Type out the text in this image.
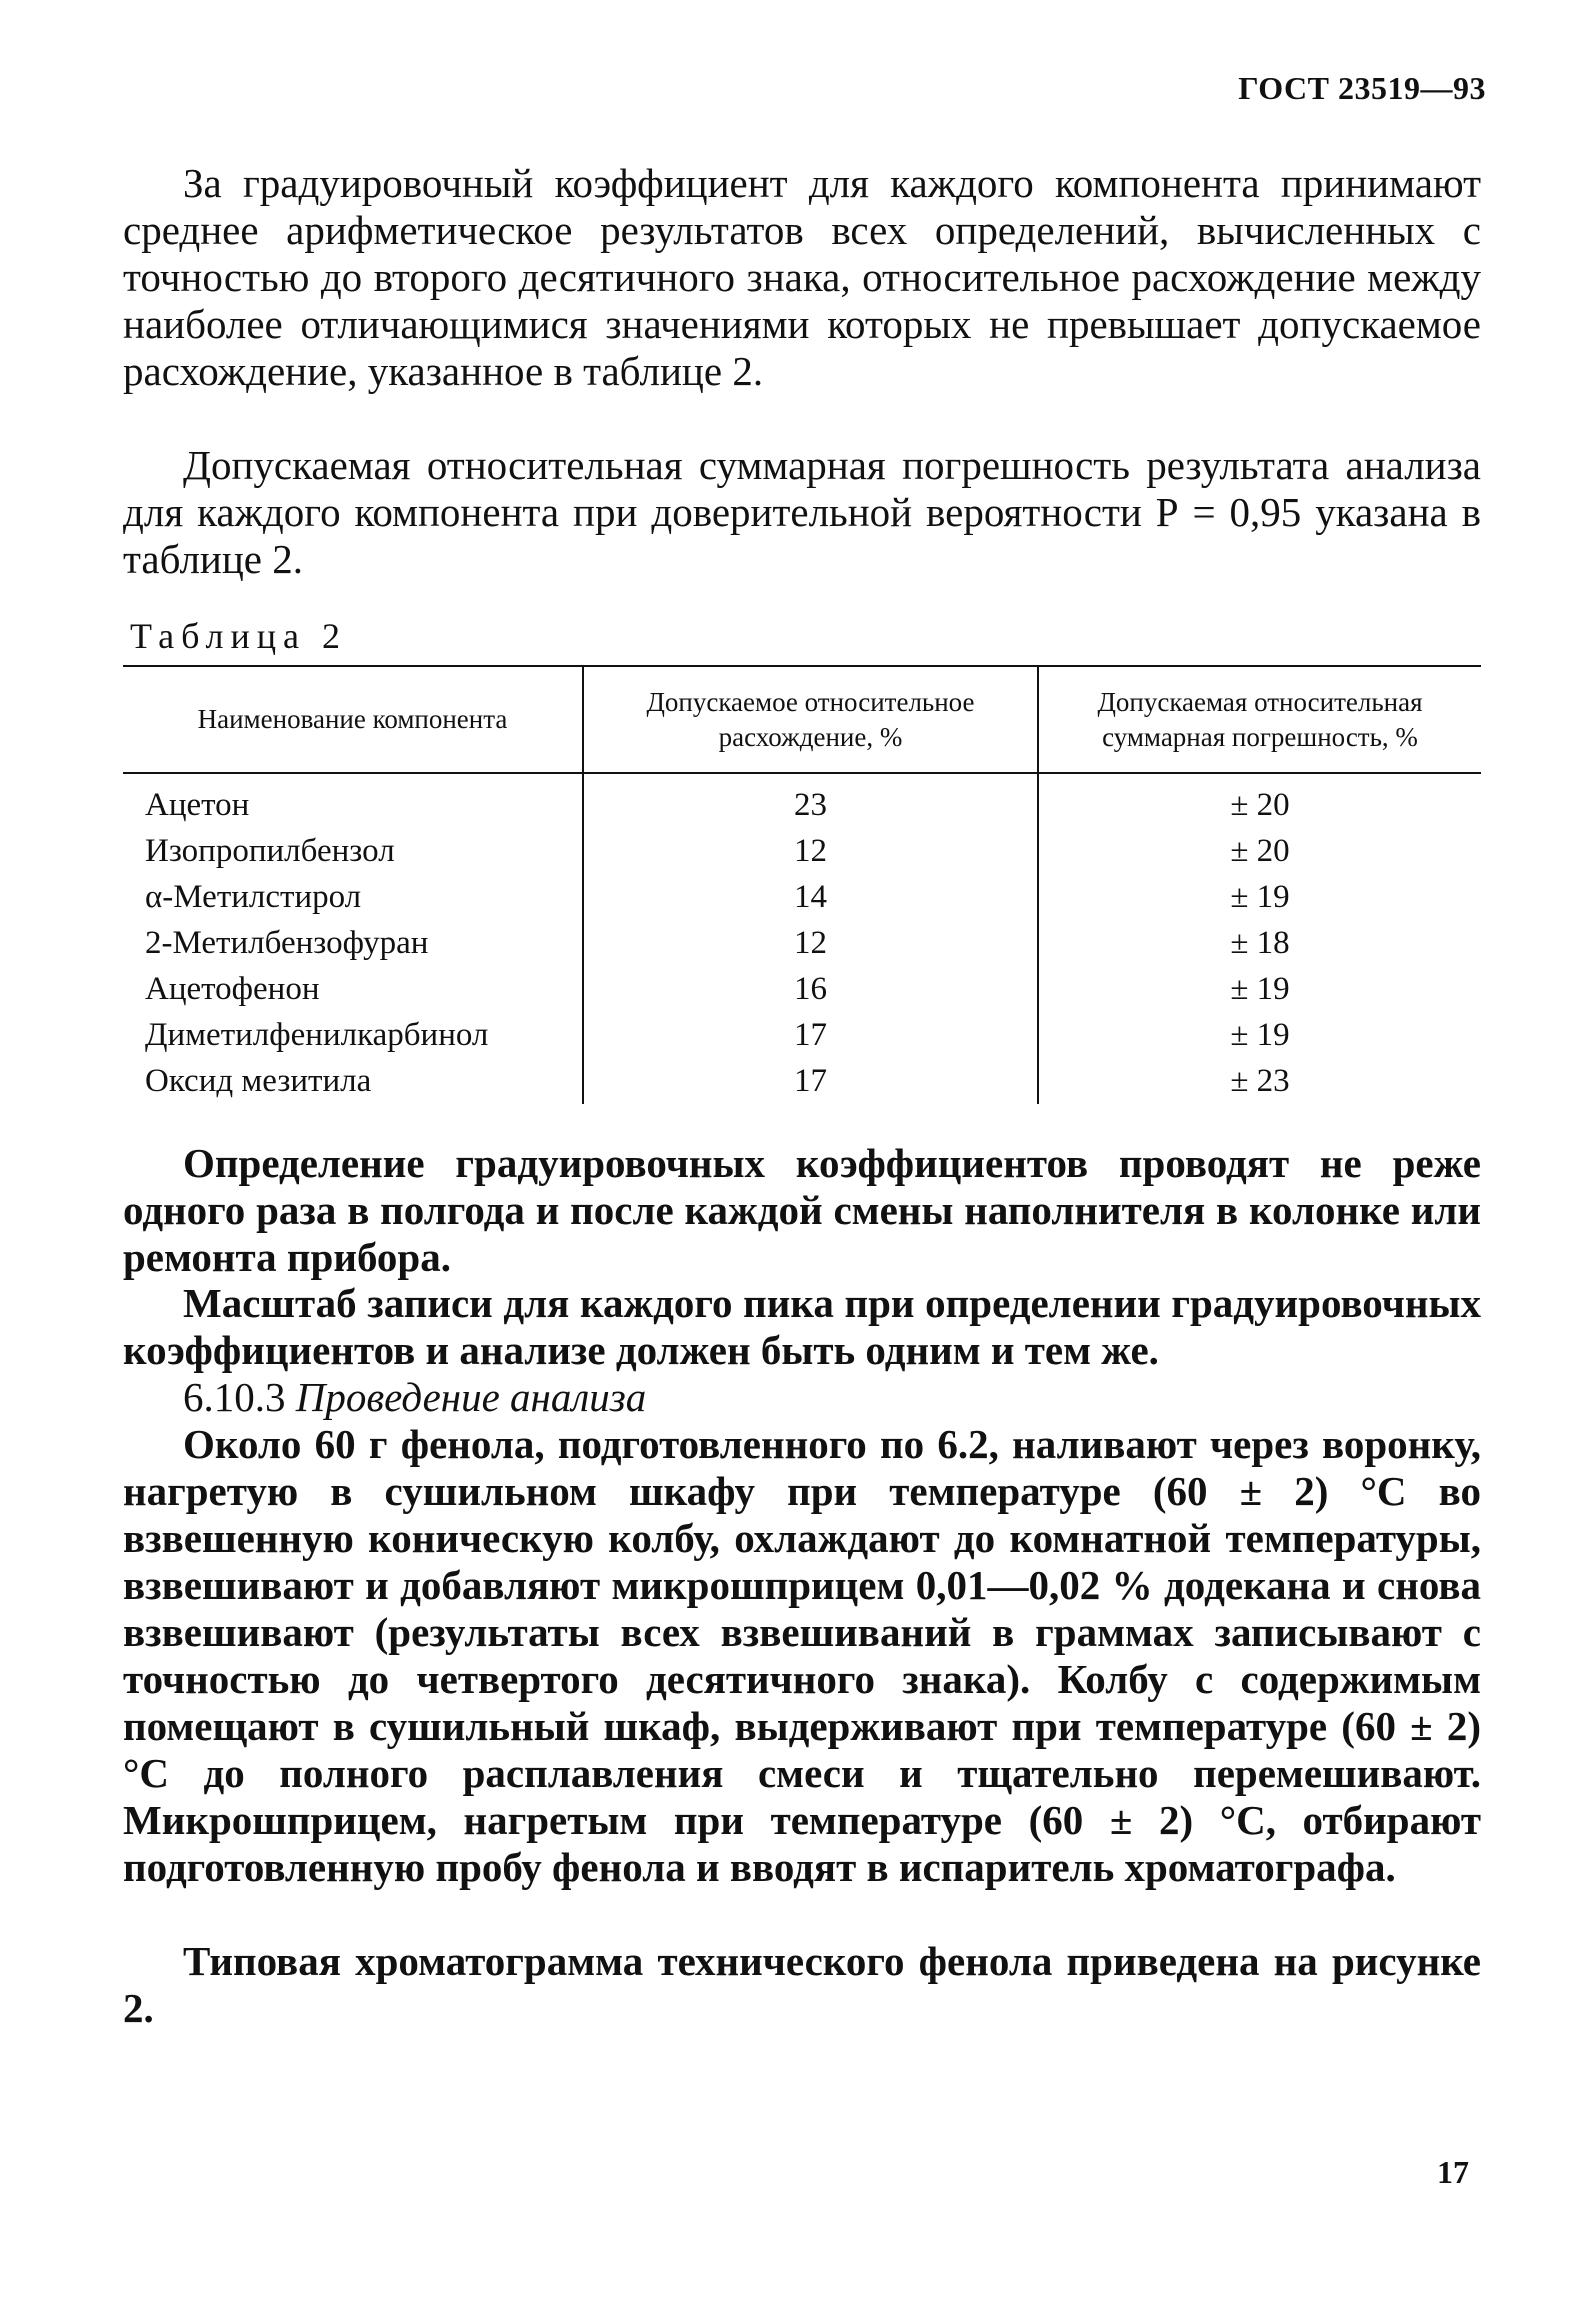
ГОСТ 23519—93

За градуировочный коэффициент для каждого компонента принимают среднее арифметическое результатов всех определений, вычисленных с точностью до второго десятичного знака, относительное расхождение между наиболее отличающимися значениями которых не превышает допускаемое расхождение, указанное в таблице 2.

Допускаемая относительная суммарная погрешность результата анализа для каждого компонента при доверительной вероятности Р = 0,95 указана в таблице 2.

Таблица 2
Наименование компонента	Допускаемое относительное расхождение, %	Допускаемая относительная суммарная погрешность, %
Ацетон	23	± 20
Изопропилбензол	12	± 20
α-Метилстирол	14	± 19
2-Метилбензофуран	12	± 18
Ацетофенон	16	± 19
Диметилфенилкарбинол	17	± 19
Оксид мезитила	17	± 23

Определение градуировочных коэффициентов проводят не реже одного раза в полгода и после каждой смены наполнителя в колонке или ремонта прибора.

Масштаб записи для каждого пика при определении градуировочных коэффициентов и анализе должен быть одним и тем же.

6.10.3 Проведение анализа

Около 60 г фенола, подготовленного по 6.2, наливают через воронку, нагретую в сушильном шкафу при температуре (60 ± 2) °С во взвешенную коническую колбу, охлаждают до комнатной температуры, взвешивают и добавляют микрошприцем 0,01—0,02 % додекана и снова взвешивают (результаты всех взвешиваний в граммах записывают с точностью до четвертого десятичного знака). Колбу с содержимым помещают в сушильный шкаф, выдерживают при температуре (60 ± 2) °С до полного расплавления смеси и тщательно перемешивают. Микрошприцем, нагретым при температуре (60 ± 2) °С, отбирают подготовленную пробу фенола и вводят в испаритель хроматографа.

Типовая хроматограмма технического фенола приведена на рисунке 2.

17
